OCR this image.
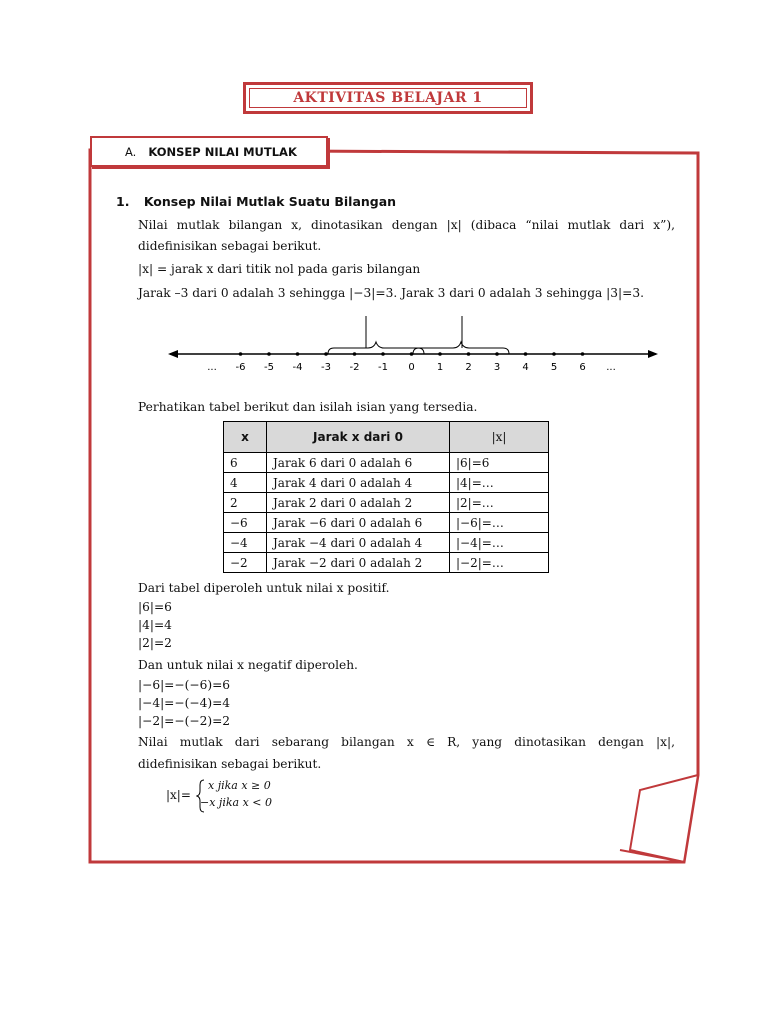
AKTIVITAS BELAJAR 1
A. KONSEP NILAI MUTLAK
1. Konsep Nilai Mutlak Suatu Bilangan
Nilai mutlak bilangan x, dinotasikan dengan |x| (dibaca “nilai mutlak dari x”),
didefinisikan sebagai berikut.
|x| = jarak x dari titik nol pada garis bilangan
Jarak –3 dari 0 adalah 3 sehingga |−3|=3. Jarak 3 dari 0 adalah 3 sehingga |3|=3.
... -6 -5 -4 -3 -2 -1 0 1 2 3 4 5 6 ...
Perhatikan tabel berikut dan isilah isian yang tersedia.
x	Jarak x dari 0	|x|
6	Jarak 6 dari 0 adalah 6	|6|=6
4	Jarak 4 dari 0 adalah 4	|4|=…
2	Jarak 2 dari 0 adalah 2	|2|=…
−6	Jarak −6 dari 0 adalah 6	|−6|=…
−4	Jarak −4 dari 0 adalah 4	|−4|=…
−2	Jarak −2 dari 0 adalah 2	|−2|=…
Dari tabel diperoleh untuk nilai x positif.
|6|=6
|4|=4
|2|=2
Dan untuk nilai x negatif diperoleh.
|−6|=−(−6)=6
|−4|=−(−4)=4
|−2|=−(−2)=2
Nilai mutlak dari sebarang bilangan x ∈ R, yang dinotasikan dengan |x|,
didefinisikan sebagai berikut.
|x|=
x jika x ≥ 0
−x jika x < 0
